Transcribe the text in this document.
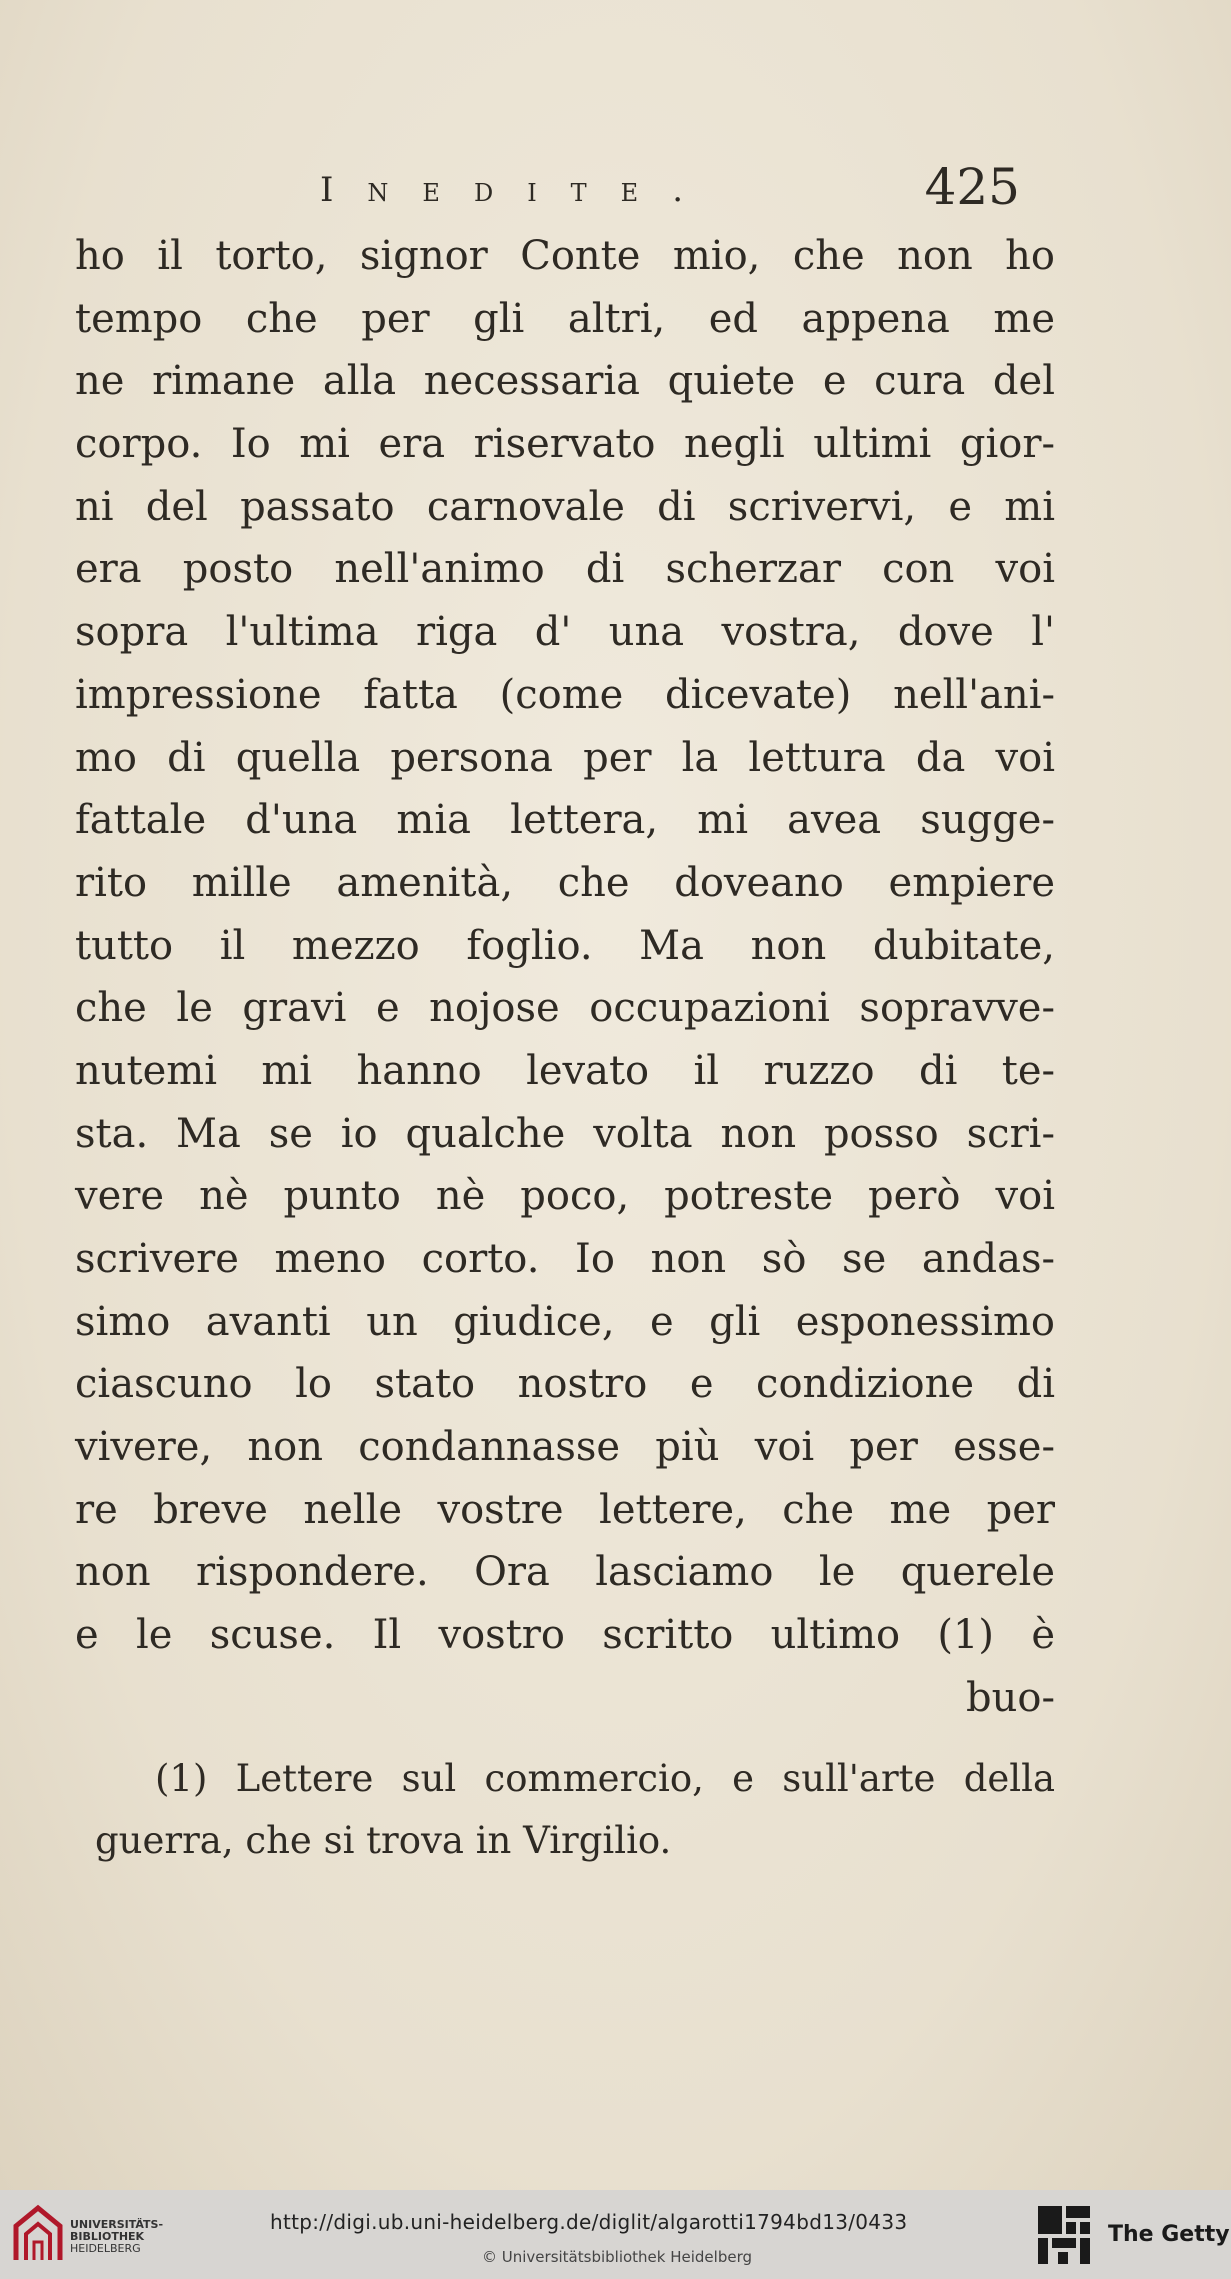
Inedite.	425
ho il torto, signor Conte mio, che non ho
tempo che per gli altri, ed appena me
ne rimane alla necessaria quiete e cura del
corpo. Io mi era riservato negli ultimi gior-
ni del passato carnovale di scrivervi, e mi
era posto nell'animo di scherzar con voi
sopra l'ultima riga d' una vostra, dove l'
impressione fatta (come dicevate) nell'ani-
mo di quella persona per la lettura da voi
fattale d'una mia lettera, mi avea sugge-
rito mille amenità, che doveano empiere
tutto il mezzo foglio. Ma non dubitate,
che le gravi e nojose occupazioni sopravve-
nutemi mi hanno levato il ruzzo di te-
sta. Ma se io qualche volta non posso scri-
vere nè punto nè poco, potreste però voi
scrivere meno corto. Io non sò se andas-
simo avanti un giudice, e gli esponessimo
ciascuno lo stato nostro e condizione di
vivere, non condannasse più voi per esse-
re breve nelle vostre lettere, che me per
non rispondere. Ora lasciamo le querele
e le scuse. Il vostro scritto ultimo (1) è
buo-
(1) Lettere sul commercio, e sull'arte della
guerra, che si trova in Virgilio.
UNIVERSITÄTS-
BIBLIOTHEK
HEIDELBERG
http://digi.ub.uni-heidelberg.de/diglit/algarotti1794bd13/0433
© Universitätsbibliothek Heidelberg
The Getty
